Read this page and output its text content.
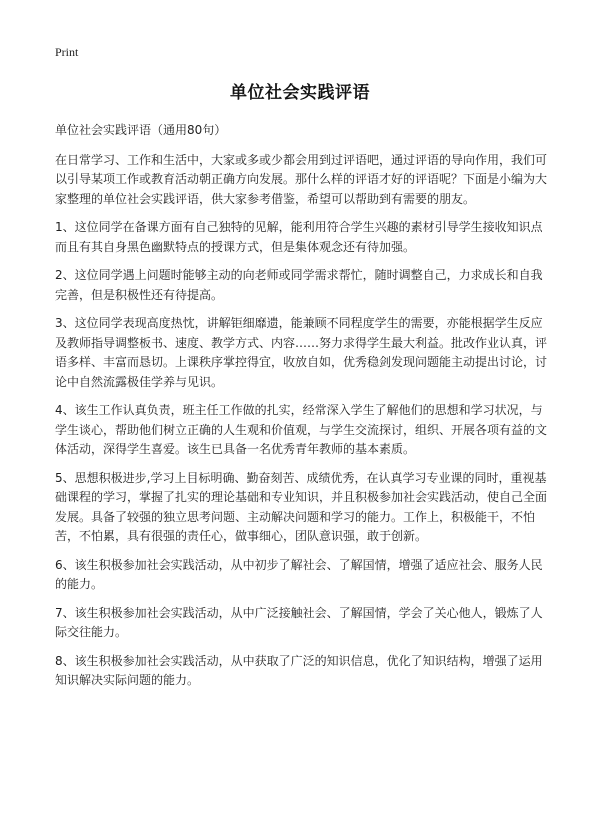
Print
单位社会实践评语

单位社会实践评语（通用80句）

在日常学习、工作和生活中，大家或多或少都会用到过评语吧，通过评语的导向作用，我们可以引导某项工作或教育活动朝正确方向发展。那什么样的评语才好的评语呢？下面是小编为大家整理的单位社会实践评语，供大家参考借鉴，希望可以帮助到有需要的朋友。

1、这位同学在备课方面有自己独特的见解，能利用符合学生兴趣的素材引导学生接收知识点而且有其自身黑色幽默特点的授课方式，但是集体观念还有待加强。

2、这位同学遇上问题时能够主动的向老师或同学需求帮忙，随时调整自己，力求成长和自我完善，但是积极性还有待提高。

3、这位同学表现高度热忱，讲解钜细靡遗，能兼顾不同程度学生的需要，亦能根据学生反应及教师指导调整板书、速度、教学方式、内容……努力求得学生最大利益。批改作业认真，评语多样、丰富而恳切。上课秩序掌控得宜，收放自如，优秀稳剑发现问题能主动提出讨论，讨论中自然流露极佳学养与见识。

4、该生工作认真负责，班主任工作做的扎实，经常深入学生了解他们的思想和学习状况，与学生谈心，帮助他们树立正确的人生观和价值观，与学生交流探讨，组织、开展各项有益的文体活动，深得学生喜爱。该生已具备一名优秀青年教师的基本素质。

5、思想积极进步,学习上目标明确、勤奋刻苦、成绩优秀，在认真学习专业课的同时，重视基础课程的学习，掌握了扎实的理论基础和专业知识，并且积极参加社会实践活动，使自己全面发展。具备了较强的独立思考问题、主动解决问题和学习的能力。工作上，积极能干，不怕苦，不怕累，具有很强的责任心，做事细心，团队意识强，敢于创新。

6、该生积极参加社会实践活动，从中初步了解社会、了解国情，增强了适应社会、服务人民的能力。

7、该生积极参加社会实践活动，从中广泛接触社会、了解国情，学会了关心他人，锻炼了人际交往能力。

8、该生积极参加社会实践活动，从中获取了广泛的知识信息，优化了知识结构，增强了运用知识解决实际问题的能力。
